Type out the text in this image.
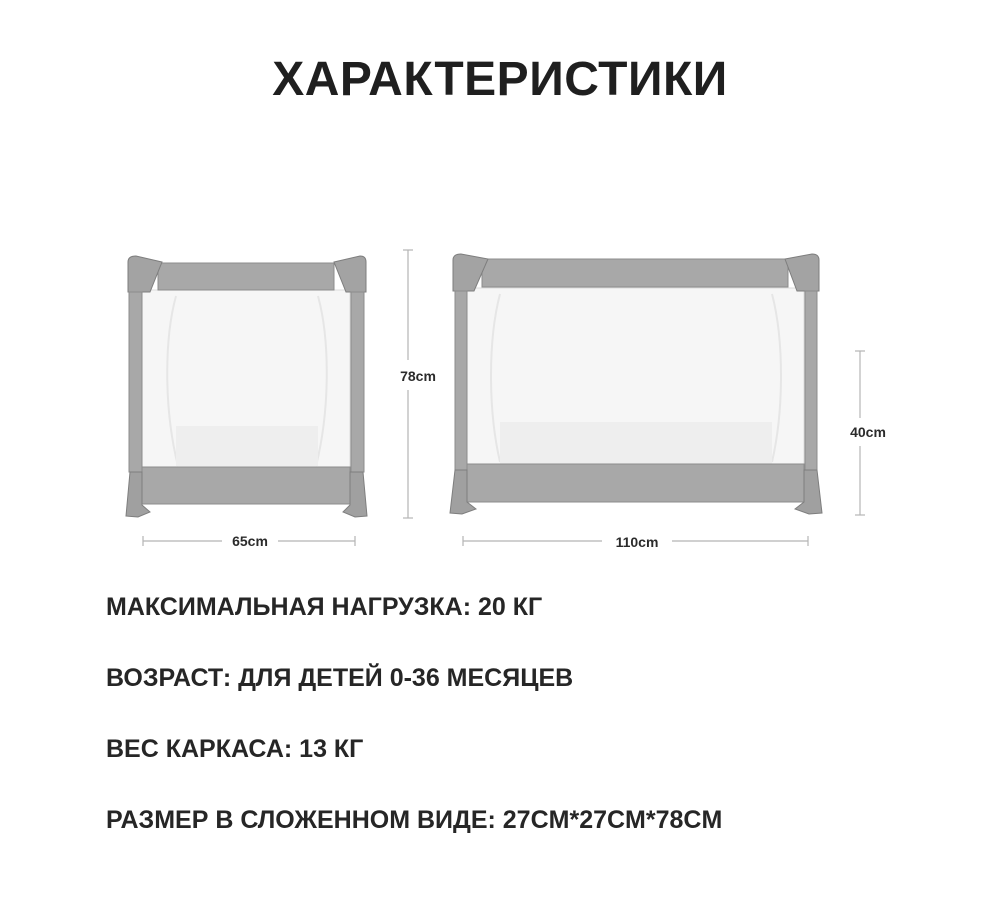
ХАРАКТЕРИСТИКИ
78cm
40cm
65cm	110cm
МАКСИМАЛЬНАЯ НАГРУЗКА: 20 КГ
ВОЗРАСТ: ДЛЯ ДЕТЕЙ 0-36 МЕСЯЦЕВ
ВЕС КАРКАСА: 13 КГ
РАЗМЕР В СЛОЖЕННОМ ВИДЕ: 27CM*27CM*78CM
